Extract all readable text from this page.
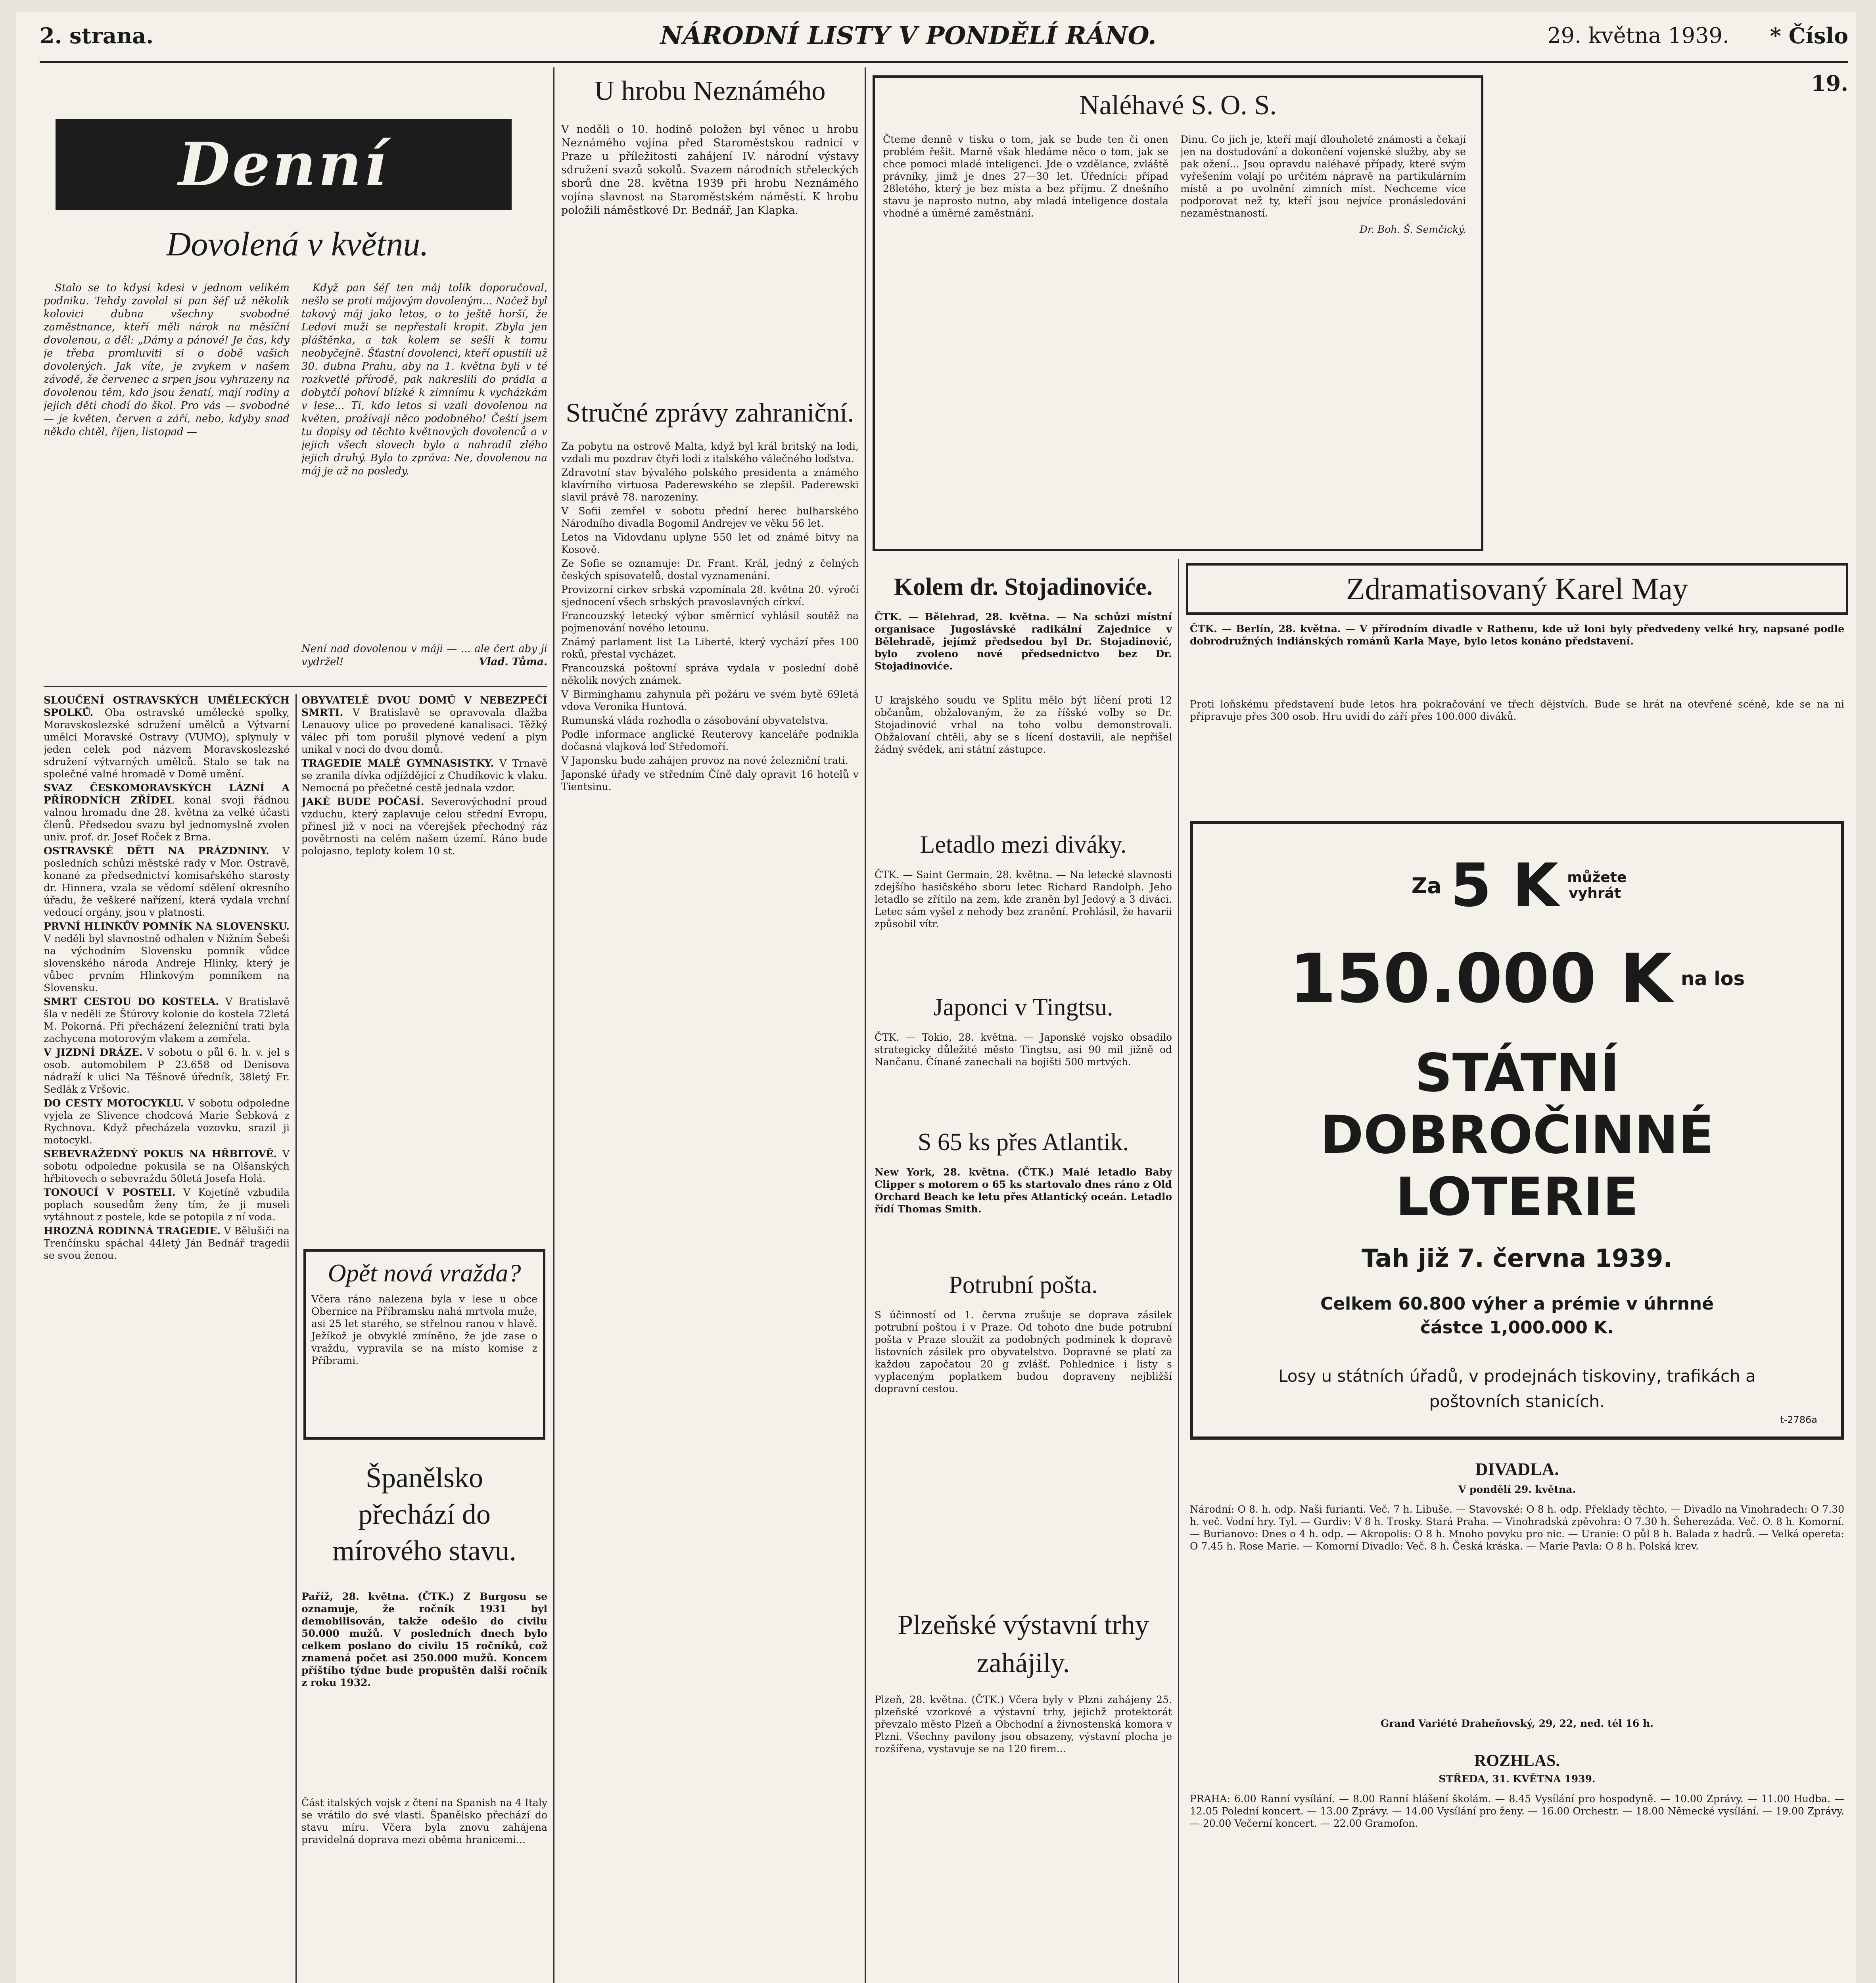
2. strana.	NÁRODNÍ LISTY V PONDĚLÍ RÁNO.	29. května 1939.	* Číslo 19.
Denní
Dovolená v květnu.

Stalo se to kdysi kdesi v jednom velikém podniku. Tehdy zavolal si pan šéf už několik kolovici dubna všechny svobodné zaměstnance, kteří měli nárok na měsíční dovolenou, a děl: „Dámy a pánové! Je čas, kdy je třeba promluviti si o době vašich dovolených. Jak víte, je zvykem v našem závodě, že červenec a srpen jsou vyhrazeny na dovolenou těm, kdo jsou ženatí, mají rodiny a jejich děti chodí do škol. Pro vás — svobodné — je květen, červen a září, nebo, kdyby snad někdo chtěl, říjen, listopad —

Když pan šéf ten máj tolik doporučoval, nešlo se proti májovým dovoleným... Načež byl takový máj jako letos, o to ještě horší, že Ledovi muži se nepřestali kropit. Zbyla jen pláštěnka, a tak kolem se sešli k tomu neobyčejně. Šťastní dovolenci, kteří opustili už 30. dubna Prahu, aby na 1. května byli v té rozkvetlé přírodě, pak nakreslili do prádla a dobytčí pohoví blízké k zimnímu k vycházkám v lese... Ti, kdo letos si vzali dovolenou na květen, prožívají něco podobného! Čeští jsem tu dopisy od těchto květnových dovolenců a v jejich všech slovech bylo a nahradíl zlého jejich druhý. Byla to zpráva: Ne, dovolenou na máj je až na posledy.

Není nad dovolenou v máji — ... ale čert aby ji vydržel!	Vlad. Tůma.

SLOUČENÍ OSTRAVSKÝCH UMĚLECKÝCH SPOLKŮ. Oba ostravské umělecké spolky, Moravskoslezské sdružení umělců a Výtvarní umělci Moravské Ostravy (VUMO), splynuly v jeden celek pod názvem Moravskoslezské sdružení výtvarných umělců. Stalo se tak na společné valné hromadě v Domě umění.

SVAZ ČESKOMORAVSKÝCH LÁZNÍ A PŘÍRODNÍCH ZŘÍDEL konal svoji řádnou valnou hromadu dne 28. května za velké účasti členů. Předsedou svazu byl jednomyslně zvolen univ. prof. dr. Josef Roček z Brna.

OSTRAVSKÉ DĚTI NA PRÁZDNINY. V posledních schůzi městské rady v Mor. Ostravě, konané za předsednictví komisařského starosty dr. Hinnera, vzala se vědomí sdělení okresního úřadu, že veškeré nařízení, která vydala vrchní vedoucí orgány, jsou v platnosti.

PRVNÍ HLINKŮV POMNÍK NA SLOVENSKU. V neděli byl slavnostně odhalen v Nižním Šebeši na východním Slovensku pomník vůdce slovenského národa Andreje Hlinky, který je vůbec prvním Hlinkovým pomníkem na Slovensku.

SMRT CESTOU DO KOSTELA. V Bratislavě šla v neděli ze Štúrovy kolonie do kostela 72letá M. Pokorná. Při přecházení železniční trati byla zachycena motorovým vlakem a zemřela.

V JIZDNÍ DRÁZE. V sobotu o půl 6. h. v. jel s osob. automobilem P 23.658 od Denisova nádraží k ulici Na Těšnově úředník, 38letý Fr. Sedlák z Vršovic.

DO CESTY MOTOCYKLU. V sobotu odpoledne vyjela ze Slivence chodcová Marie Šebková z Rychnova. Když přecházela vozovku, srazil ji motocykl.

SEBEVRAŽEDNÝ POKUS NA HŘBITOVĚ. V sobotu odpoledne pokusila se na Olšanských hřbitovech o sebevraždu 50letá Josefa Holá.

TONOUCÍ V POSTELI. V Kojetíně vzbudila poplach sousedům ženy tím, že ji museli vytáhnout z postele, kde se potopila z ní voda.

HROZNÁ RODINNÁ TRAGEDIE. V Bělušiči na Trenčínsku spáchal 44letý Ján Bednář tragedii se svou ženou.

OBYVATELÉ DVOU DOMŮ V NEBEZPEČÍ SMRTI. V Bratislavě se opravovala dlažba Lenauovy ulice po provedené kanalisaci. Těžký válec při tom porušil plynové vedení a plyn unikal v noci do dvou domů.

TRAGEDIE MALÉ GYMNASISTKY. V Trnavě se zranila dívka odjíždějící z Chudíkovic k vlaku. Nemocná po přečetné cestě jednala vzdor.

JAKÉ BUDE POČASÍ. Severovýchodní proud vzduchu, který zaplavuje celou střední Evropu, přinesl již v noci na včerejšek přechodný ráz povětrnosti na celém našem území. Ráno bude polojasno, teploty kolem 10 st.

Opět nová vražda?
Včera ráno nalezena byla v lese u obce Obernice na Příbramsku nahá mrtvola muže, asi 25 let starého, se střelnou ranou v hlavě. Ježíkož je obvyklé zmíněno, že jde zase o vraždu, vypravila se na místo komise z Příbrami.
Španělsko přechází do mírového stavu.
Paříž, 28. května. (ČTK.) Z Burgosu se oznamuje, že ročník 1931 byl demobilisován, takže odešlo do civilu 50.000 mužů. V posledních dnech bylo celkem poslano do civilu 15 ročníků, což znamená počet asi 250.000 mužů. Koncem příštího týdne bude propuštěn další ročník z roku 1932.
Část italských vojsk z čtení na Spanish na 4 Italy se vrátilo do své vlasti. Španělsko přechází do stavu míru. Včera byla znovu zahájena pravidelná doprava mezi oběma hranicemi...
U hrobu Neznámého
V neděli o 10. hodině položen byl věnec u hrobu Neznámého vojína před Staroměstskou radnicí v Praze u příležitosti zahájení IV. národní výstavy sdružení svazů sokolů. Svazem národních střeleckých sborů dne 28. května 1939 při hrobu Neznámého vojína slavnost na Staroměstském náměstí. K hrobu položili náměstkové Dr. Bednář, Jan Klapka.
Stručné zprávy zahraniční.

Za pobytu na ostrově Malta, když byl král britský na lodi, vzdali mu pozdrav čtyři lodi z italského válečného loďstva.

Zdravotní stav bývalého polského presidenta a známého klavírního virtuosa Paderewského se zlepšil. Paderewski slavil právě 78. narozeniny.

V Sofii zemřel v sobotu přední herec bulharského Národního divadla Bogomil Andrejev ve věku 56 let.

Letos na Vidovdanu uplyne 550 let od známé bitvy na Kosově.

Ze Sofie se oznamuje: Dr. Frant. Král, jedný z čelných českých spisovatelů, dostal vyznamenání.

Provizorní cirkev srbská vzpomínala 28. května 20. výročí sjednocení všech srbských pravoslavných církví.

Francouzský letecký výbor směrnicí vyhlásil soutěž na pojmenování nového letounu.

Známý parlament list La Liberté, který vychází přes 100 roků, přestal vycházet.

Francouzská poštovní správa vydala v poslední době několik nových známek.

V Birminghamu zahynula při požáru ve svém bytě 69letá vdova Veronika Huntová.

Rumunská vláda rozhodla o zásobování obyvatelstva.

Podle informace anglické Reuterovy kanceláře podnikla dočasná vlajková loď Středomoří.

V Japonsku bude zahájen provoz na nové železniční trati.

Japonské úřady ve středním Číně daly opravit 16 hotelů v Tientsinu.

Naléhavé S. O. S.
Čteme denně v tisku o tom, jak se bude ten či onen problém řešit. Marně však hledáme něco o tom, jak se chce pomoci mladé inteligenci. Jde o vzdělance, zvláště právníky, jimž je dnes 27—30 let. Úředníci: případ 28letého, který je bez místa a bez příjmu. Z dnešního stavu je naprosto nutno, aby mladá inteligence dostala vhodné a úměrné zaměstnání.
Dinu. Co jich je, kteří mají dlouholeté známosti a čekají jen na dostudování a dokončení vojenské služby, aby se pak ožení... Jsou opravdu naléhavé případy, které svým vyřešením volají po určitém nápravě na partikulárním místě a po uvolnění zimních míst. Nechceme více podporovat než ty, kteří jsou nejvíce pronásledováni nezaměstnaností.
Dr. Boh. Š. Semčický.
Kolem dr. Stojadinoviće.
ČTK. — Bělehrad, 28. května. — Na schůzi místní organisace Jugoslávské radikální Zajednice v Bělehradě, jejímž předsedou byl Dr. Stojadinović, bylo zvoleno nové předsednictvo bez Dr. Stojadinoviće.
U krajského soudu ve Splitu mělo být líčení proti 12 občanům, obžalovaným, že za říšské volby se Dr. Stojadinović vrhal na toho volbu demonstrovali. Obžalovaní chtěli, aby se s lícení dostavili, ale nepřišel žádný svědek, ani státní zástupce.
Letadlo mezi diváky.
ČTK. — Saint Germain, 28. května. — Na letecké slavnosti zdejšího hasičského sboru letec Richard Randolph. Jeho letadlo se zřítilo na zem, kde zraněn byl Jedový a 3 diváci. Letec sám vyšel z nehody bez zranění. Prohlásil, že havarii způsobil vítr.
Japonci v Tingtsu.
ČTK. — Tokio, 28. května. — Japonské vojsko obsadilo strategicky důležité město Tingtsu, asi 90 mil jižně od Nančanu. Čínané zanechali na bojišti 500 mrtvých.
S 65 ks přes Atlantik.
New York, 28. května. (ČTK.) Malé letadlo Baby Clipper s motorem o 65 ks startovalo dnes ráno z Old Orchard Beach ke letu přes Atlantický oceán. Letadlo řídí Thomas Smith.
Potrubní pošta.
S účinností od 1. června zrušuje se doprava zásilek potrubní poštou i v Praze. Od tohoto dne bude potrubní pošta v Praze sloužit za podobných podmínek k dopravě listovních zásilek pro obyvatelstvo. Dopravné se platí za každou započatou 20 g zvlášť. Pohlednice i listy s vyplaceným poplatkem budou dopraveny nejbližší dopravní cestou.
Plzeňské výstavní trhy zahájily.
Plzeň, 28. května. (ČTK.) Včera byly v Plzni zahájeny 25. plzeňské vzorkové a výstavní trhy, jejichž protektorát převzalo město Plzeň a Obchodní a živnostenská komora v Plzni. Všechny pavilony jsou obsazeny, výstavní plocha je rozšířena, vystavuje se na 120 firem...
Zdramatisovaný Karel May
ČTK. — Berlín, 28. května. — V přírodním divadle v Rathenu, kde už loni byly předvedeny velké hry, napsané podle dobrodružných indiánských románů Karla Maye, bylo letos konáno představení.
Proti loňskému představení bude letos hra pokračování ve třech dějstvích. Bude se hrát na otevřené scéně, kde se na ni připravuje přes 300 osob. Hru uvidí do září přes 100.000 diváků.
Za 5 K můžete vyhrát
150.000 K na los
STÁTNÍ DOBROČINNÉ LOTERIE
Tah již 7. června 1939.
Celkem 60.800 výher a prémie v úhrnné částce 1,000.000 K.
Losy u státních úřadů, v prodejnách tiskoviny, trafikách a poštovních stanicích.
t-2786a
DIVADLA.
V pondělí 29. května.
Národní: O 8. h. odp. Naši furianti. Več. 7 h. Libuše. — Stavovské: O 8 h. odp. Překlady těchto. — Divadlo na Vinohradech: O 7.30 h. več. Vodní hry. Tyl. — Gurdiv: V 8 h. Trosky. Stará Praha. — Vinohradská zpěvohra: O 7.30 h. Šeherezáda. Več. O. 8 h. Komorní. — Burianovo: Dnes o 4 h. odp. — Akropolis: O 8 h. Mnoho povyku pro nic. — Uranie: O půl 8 h. Balada z hadrů. — Velká opereta: O 7.45 h. Rose Marie. — Komorní Divadlo: Več. 8 h. Česká kráska. — Marie Pavla: O 8 h. Polská krev.
Grand Variété Draheňovský, 29, 22, ned. tél 16 h.
ROZHLAS.
STŘEDA, 31. KVĚTNA 1939.
PRAHA: 6.00 Ranní vysílání. — 8.00 Ranní hlášení školám. — 8.45 Vysílání pro hospodyně. — 10.00 Zprávy. — 11.00 Hudba. — 12.05 Polední koncert. — 13.00 Zprávy. — 14.00 Vysílání pro ženy. — 16.00 Orchestr. — 18.00 Německé vysílání. — 19.00 Zprávy. — 20.00 Večerní koncert. — 22.00 Gramofon.
